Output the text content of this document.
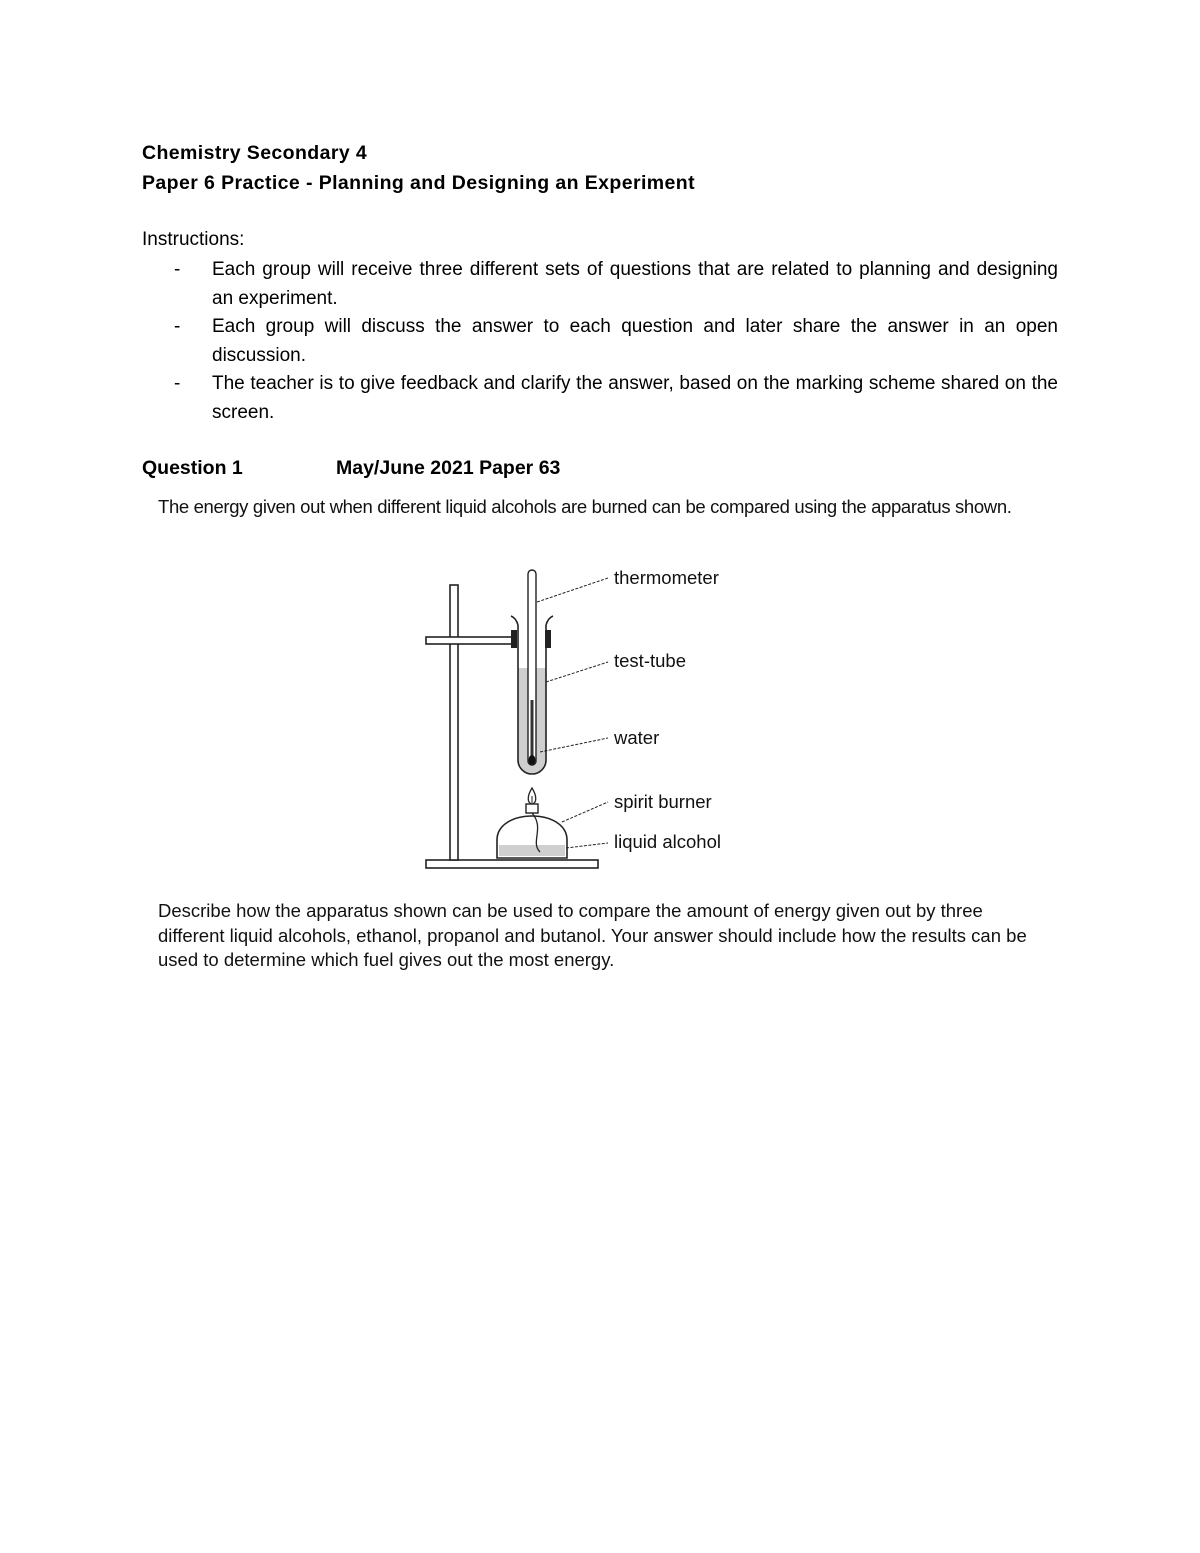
Chemistry Secondary 4
Paper 6 Practice - Planning and Designing an Experiment
Instructions:
- Each group will receive three different sets of questions that are related to planning and designing an experiment.
- Each group will discuss the answer to each question and later share the answer in an open discussion.
- The teacher is to give feedback and clarify the answer, based on the marking scheme shared on the screen.
Question 1	May/June 2021 Paper 63
The energy given out when different liquid alcohols are burned can be compared using the apparatus shown.
thermometer
test-tube
water
spirit burner
liquid alcohol
Describe how the apparatus shown can be used to compare the amount of energy given out by three different liquid alcohols, ethanol, propanol and butanol. Your answer should include how the results can be used to determine which fuel gives out the most energy.
